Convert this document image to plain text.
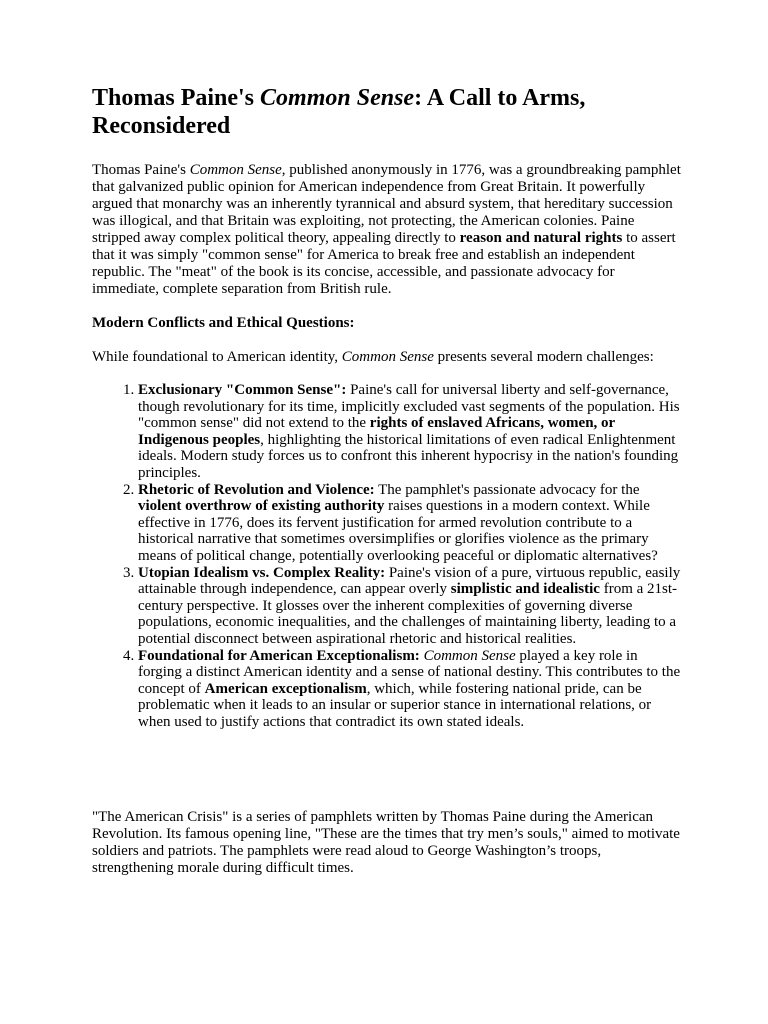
Thomas Paine's Common Sense: A Call to Arms, Reconsidered

Thomas Paine's Common Sense, published anonymously in 1776, was a groundbreaking pamphlet that galvanized public opinion for American independence from Great Britain. It powerfully argued that monarchy was an inherently tyrannical and absurd system, that hereditary succession was illogical, and that Britain was exploiting, not protecting, the American colonies. Paine stripped away complex political theory, appealing directly to reason and natural rights to assert that it was simply "common sense" for America to break free and establish an independent republic. The "meat" of the book is its concise, accessible, and passionate advocacy for immediate, complete separation from British rule.

Modern Conflicts and Ethical Questions:

While foundational to American identity, Common Sense presents several modern challenges:

1. Exclusionary "Common Sense": Paine's call for universal liberty and self-governance, though revolutionary for its time, implicitly excluded vast segments of the population. His "common sense" did not extend to the rights of enslaved Africans, women, or Indigenous peoples, highlighting the historical limitations of even radical Enlightenment ideals. Modern study forces us to confront this inherent hypocrisy in the nation's founding principles.
2. Rhetoric of Revolution and Violence: The pamphlet's passionate advocacy for the violent overthrow of existing authority raises questions in a modern context. While effective in 1776, does its fervent justification for armed revolution contribute to a historical narrative that sometimes oversimplifies or glorifies violence as the primary means of political change, potentially overlooking peaceful or diplomatic alternatives?
3. Utopian Idealism vs. Complex Reality: Paine's vision of a pure, virtuous republic, easily attainable through independence, can appear overly simplistic and idealistic from a 21st-century perspective. It glosses over the inherent complexities of governing diverse populations, economic inequalities, and the challenges of maintaining liberty, leading to a potential disconnect between aspirational rhetoric and historical realities.
4. Foundational for American Exceptionalism: Common Sense played a key role in forging a distinct American identity and a sense of national destiny. This contributes to the concept of American exceptionalism, which, while fostering national pride, can be problematic when it leads to an insular or superior stance in international relations, or when used to justify actions that contradict its own stated ideals.

"The American Crisis" is a series of pamphlets written by Thomas Paine during the American Revolution. Its famous opening line, "These are the times that try men’s souls," aimed to motivate soldiers and patriots. The pamphlets were read aloud to George Washington’s troops, strengthening morale during difficult times.
